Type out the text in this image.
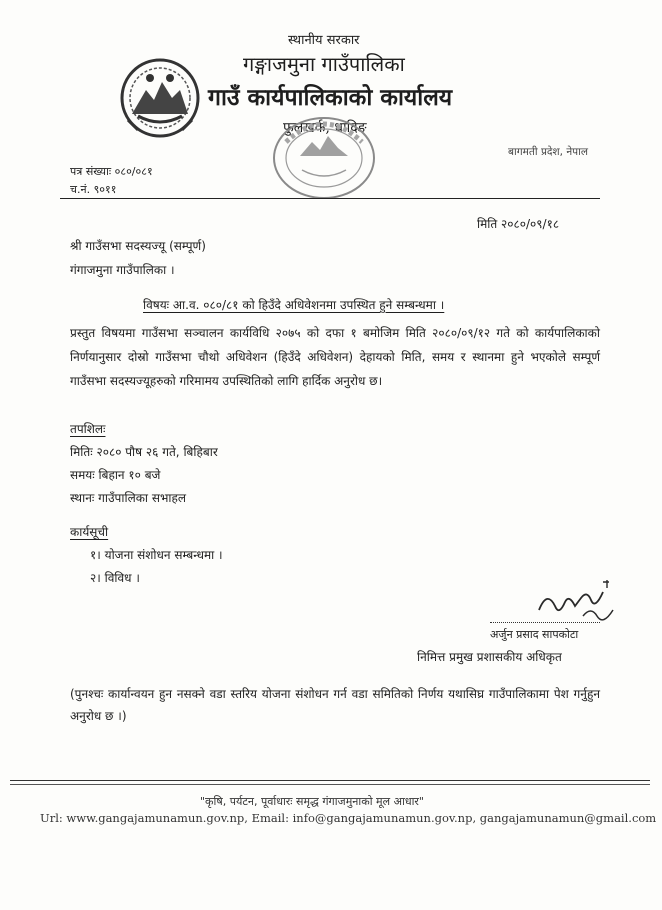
स्थानीय सरकार
गङ्गाजमुना गाउँपालिका
गाउँ कार्यपालिकाको कार्यालय
फुलखर्क, धादिङ
बागमती प्रदेश, नेपाल
पत्र संख्याः ०८०/०८१
च.नं. ९०११
मिति २०८०/०९/१८
श्री गाउँसभा सदस्यज्यू (सम्पूर्ण)
गंगाजमुना गाउँपालिका ।
विषयः आ.व. ०८०/८१ को हिउँदे अधिवेशनमा उपस्थित हुने सम्बन्धमा ।
प्रस्तुत विषयमा गाउँसभा सञ्चालन कार्यविधि २०७५ को दफा १ बमोजिम मिति २०८०/०९/१२ गते को कार्यपालिकाको निर्णयानुसार दोस्रो गाउँसभा चौथो अधिवेशन (हिउँदे अधिवेशन) देहायको मिति, समय र स्थानमा हुने भएकोले सम्पूर्ण गाउँसभा सदस्यज्यूहरुको गरिमामय उपस्थितिको लागि हार्दिक अनुरोध छ।
तपशिलः
मितिः २०८० पौष २६ गते, बिहिबार
समयः बिहान १० बजे
स्थानः गाउँपालिका सभाहल
कार्यसूची
१। योजना संशोधन सम्बन्धमा ।
२। विविध ।
अर्जुन प्रसाद सापकोटा
निमित्त प्रमुख प्रशासकीय अधिकृत
(पुनश्चः कार्यान्वयन हुन नसक्ने वडा स्तरिय योजना संशोधन गर्न वडा समितिको निर्णय यथासिघ्र गाउँपालिकामा पेश गर्नुहुन अनुरोध छ ।)
"कृषि, पर्यटन, पूर्वाधारः समृद्ध गंगाजमुनाको मूल आधार"
Url: www.gangajamunamun.gov.np, Email: info@gangajamunamun.gov.np, gangajamunamun@gmail.com
